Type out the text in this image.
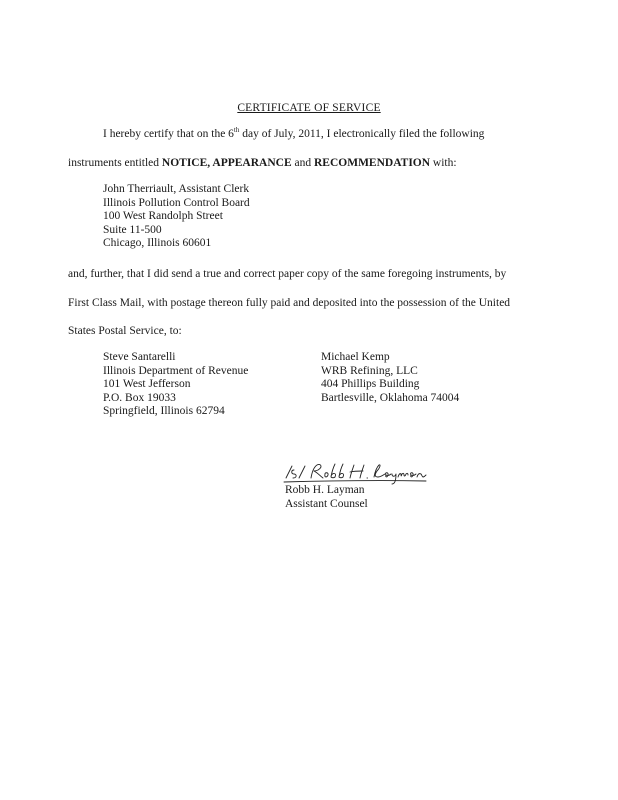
CERTIFICATE OF SERVICE
I hereby certify that on the 6th day of July, 2011, I electronically filed the following
instruments entitled NOTICE, APPEARANCE and RECOMMENDATION with:
John Therriault, Assistant Clerk
Illinois Pollution Control Board
100 West Randolph Street
Suite 11-500
Chicago, Illinois 60601
and, further, that I did send a true and correct paper copy of the same foregoing instruments, by
First Class Mail, with postage thereon fully paid and deposited into the possession of the United
States Postal Service, to:
Steve Santarelli
Illinois Department of Revenue
101 West Jefferson
P.O. Box 19033
Springfield, Illinois 62794
Michael Kemp
WRB Refining, LLC
404 Phillips Building
Bartlesville, Oklahoma 74004
Robb H. Layman
Assistant Counsel
